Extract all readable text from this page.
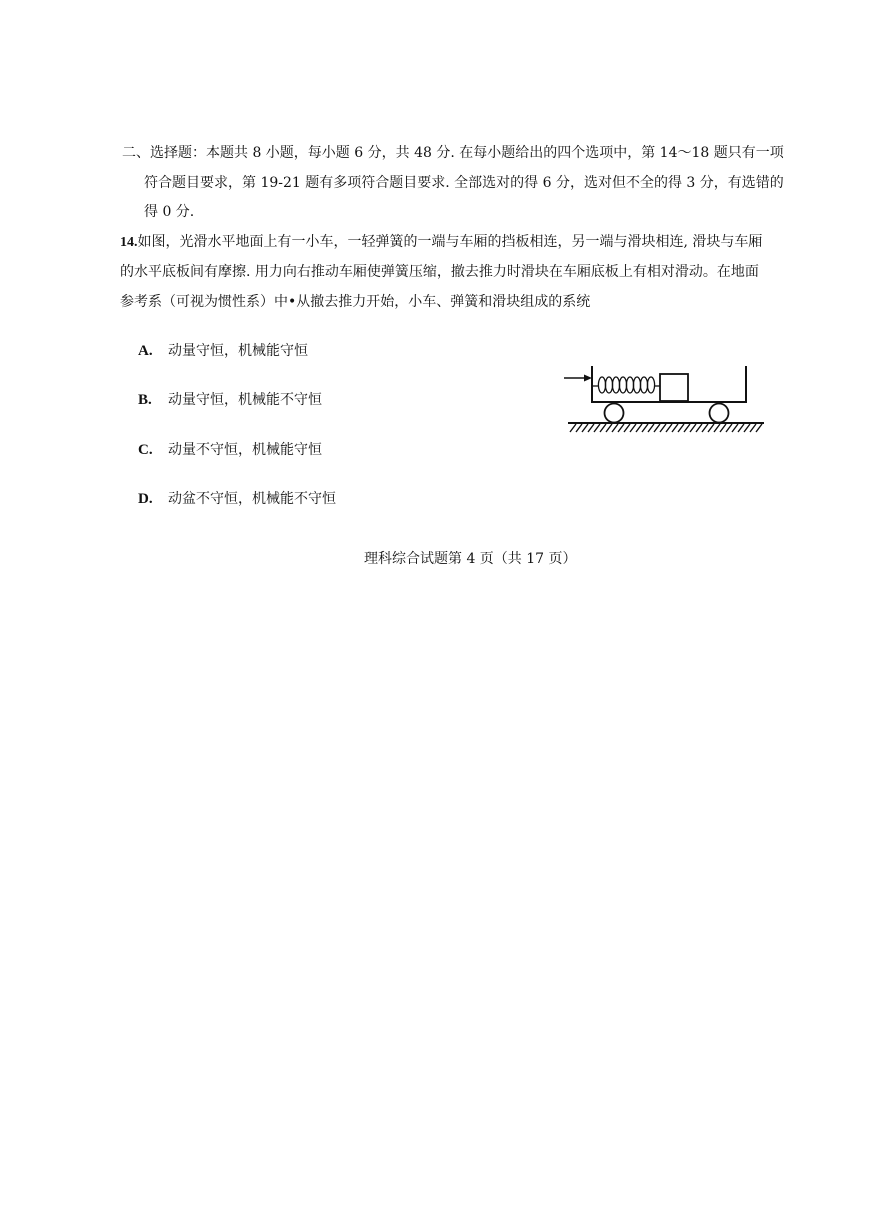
二、选择题：本题共 8 小题，每小题 6 分，共 48 分. 在每小题给出的四个选项中，第 14～18 题只有一项
符合题目要求，第 19-21 题有多项符合题目要求. 全部选对的得 6 分，选对但不全的得 3 分，有选错的
得 0 分.
14.如图，光滑水平地面上有一小车，一轻弹簧的一端与车厢的挡板相连，另一端与滑块相连, 滑块与车厢
的水平底板间有摩擦. 用力向右推动车厢使弹簧压缩，撤去推力时滑块在车厢底板上有相对滑动。在地面
参考系（可视为惯性系）中•从撤去推力开始，小车、弹簧和滑块组成的系统
A. 动量守恒，机械能守恒
B. 动量守恒，机械能不守恒
C. 动量不守恒，机械能守恒
D. 动盆不守恒，机械能不守恒
理科综合试题第 4 页（共 17 页）
